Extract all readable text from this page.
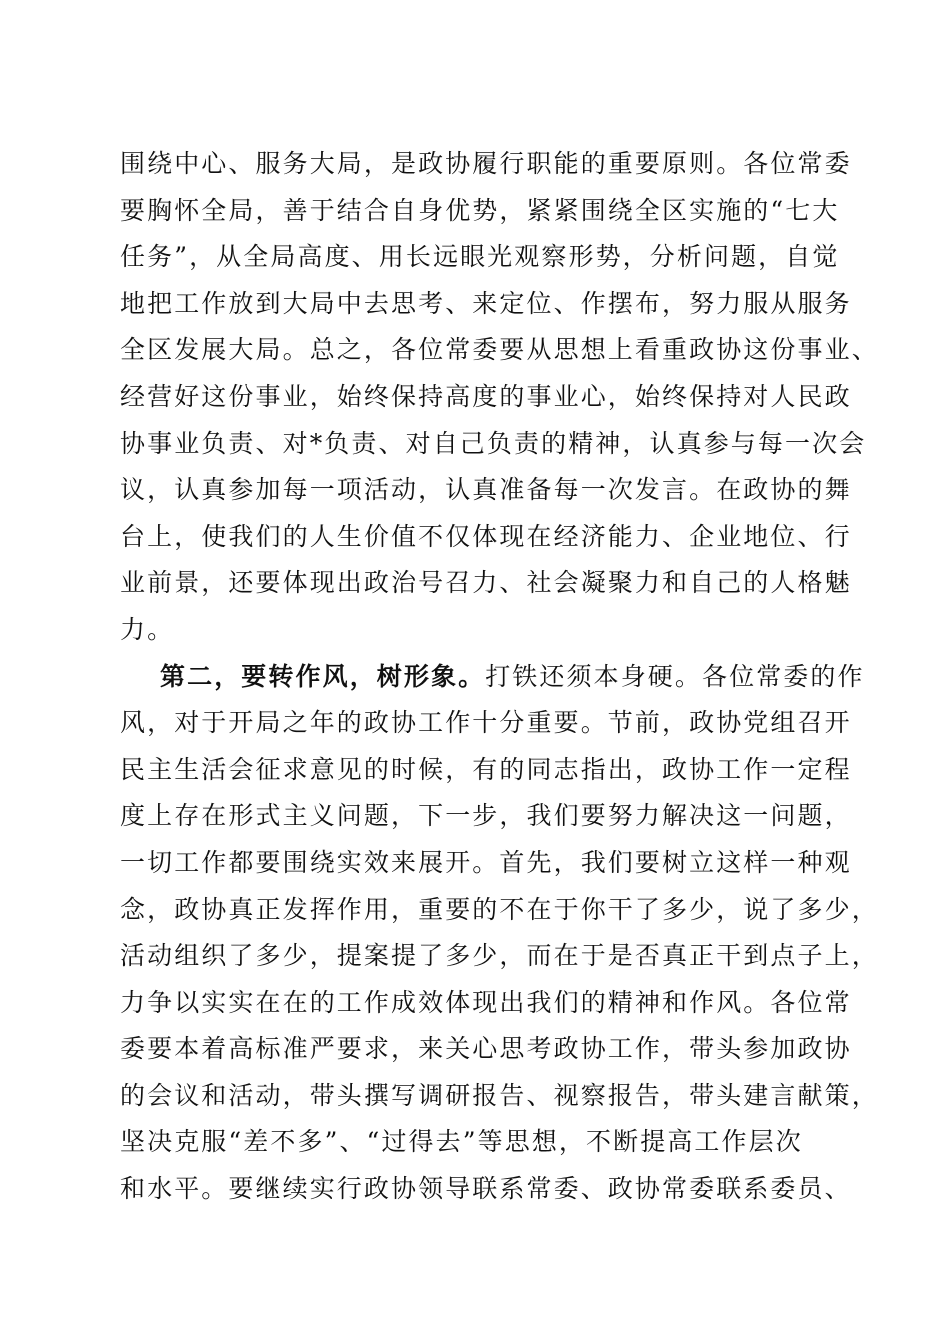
围绕中心、服务大局，是政协履行职能的重要原则。各位常委
要胸怀全局，善于结合自身优势，紧紧围绕全区实施的“七大
任务”，从全局高度、用长远眼光观察形势，分析问题，自觉
地把工作放到大局中去思考、来定位、作摆布，努力服从服务
全区发展大局。总之，各位常委要从思想上看重政协这份事业、
经营好这份事业，始终保持高度的事业心，始终保持对人民政
协事业负责、对*负责、对自己负责的精神，认真参与每一次会
议，认真参加每一项活动，认真准备每一次发言。在政协的舞
台上，使我们的人生价值不仅体现在经济能力、企业地位、行
业前景，还要体现出政治号召力、社会凝聚力和自己的人格魅
力。
第二，要转作风，树形象。打铁还须本身硬。各位常委的作
风，对于开局之年的政协工作十分重要。节前，政协党组召开
民主生活会征求意见的时候，有的同志指出，政协工作一定程
度上存在形式主义问题，下一步，我们要努力解决这一问题，
一切工作都要围绕实效来展开。首先，我们要树立这样一种观
念，政协真正发挥作用，重要的不在于你干了多少，说了多少，
活动组织了多少，提案提了多少，而在于是否真正干到点子上，
力争以实实在在的工作成效体现出我们的精神和作风。各位常
委要本着高标准严要求，来关心思考政协工作，带头参加政协
的会议和活动，带头撰写调研报告、视察报告，带头建言献策，
坚决克服“差不多”、“过得去”等思想，不断提高工作层次
和水平。要继续实行政协领导联系常委、政协常委联系委员、
